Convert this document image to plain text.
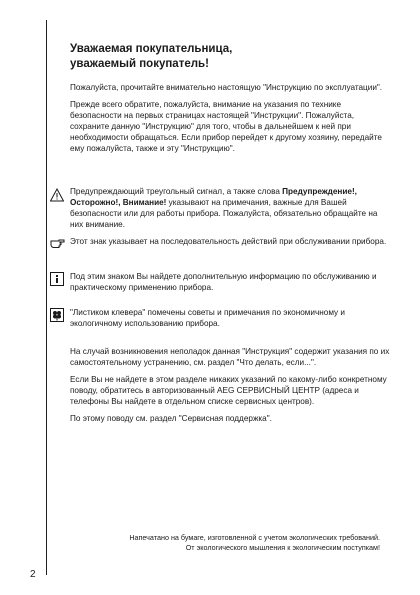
Уважаемая покупательница,
уважаемый покупатель!

Пожалуйста, прочитайте внимательно настоящую "Инструкцию по эксплуатации".

Прежде всего обратите, пожалуйста, внимание на указания по технике безопасности на первых страницах настоящей "Инструкции". Пожалуйста, сохраните данную "Инструкцию" для того, чтобы в дальнейшем к ней при необходимости обращаться. Если прибор перейдет к другому хозяину, передайте ему пожалуйста, также и эту "Инструкцию".

Предупреждающий треугольный сигнал, а также слова Предупреждение!, Осторожно!, Внимание! указывают на примечания, важные для Вашей безопасности или для работы прибора. Пожалуйста, обязательно обращайте на них внимание.

Этот знак указывает на последовательность действий при обслуживании прибора.

Под этим знаком Вы найдете дополнительную информацию по обслуживанию и практическому применению прибора.

"Листиком клевера" помечены советы и примечания по экономичному и экологичному использованию прибора.

На случай возникновения неполадок данная "Инструкция" содержит указания по их самостоятельному устранению, см. раздел "Что делать, если...".

Если Вы не найдете в этом разделе никаких указаний по какому-либо конкретному поводу, обратитесь в авторизованный AEG СЕРВИСНЫЙ ЦЕНТР (адреса и телефоны Вы найдете в отдельном списке сервисных центров).

По этому поводу см. раздел "Сервисная поддержка".

Напечатано на бумаге, изготовленной с учетом экологических требований.
От экологического мышления к экологическим поступкам!
2
